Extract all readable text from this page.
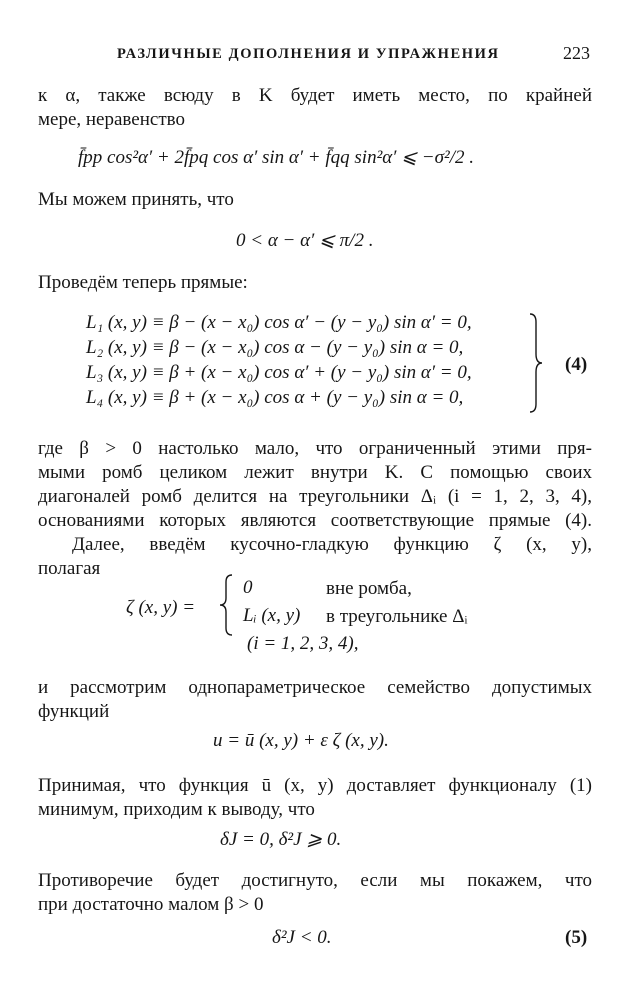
РАЗЛИЧНЫЕ ДОПОЛНЕНИЯ И УПРАЖНЕНИЯ	223
к α, также всюду в K будет иметь место, по крайней
мере, неравенство
f̄pp cos²α′ + 2f̄pq cos α′ sin α′ + f̄qq sin²α′ ⩽ −σ²/2 .
Мы можем принять, что
0 < α − α′ ⩽ π/2 .
Проведём теперь прямые:
L₁ (x, y) ≡ β − (x − x₀) cos α′ − (y − y₀) sin α′ = 0,
L₂ (x, y) ≡ β − (x − x₀) cos α − (y − y₀) sin α = 0,
L₃ (x, y) ≡ β + (x − x₀) cos α′ + (y − y₀) sin α′ = 0,
L₄ (x, y) ≡ β + (x − x₀) cos α + (y − y₀) sin α = 0,
(4)
где β > 0 настолько мало, что ограниченный этими пря-
мыми ромб целиком лежит внутри K. С помощью своих
диагоналей ромб делится на треугольники Δᵢ (i = 1, 2, 3, 4),
основаниями которых являются соответствующие прямые (4).
Далее, введём кусочно-гладкую функцию ζ (x, y),
полагая
ζ (x, y) =
0	вне ромба,
Lᵢ (x, y) в треугольнике Δᵢ
(i = 1, 2, 3, 4),
и рассмотрим однопараметрическое семейство допустимых
функций
u = ū (x, y) + ε ζ (x, y).
Принимая, что функция ū (x, y) доставляет функционалу (1)
минимум, приходим к выводу, что
δJ = 0, δ²J ⩾ 0.
Противоречие будет достигнуто, если мы покажем, что
при достаточно малом β > 0
δ²J < 0.	(5)
